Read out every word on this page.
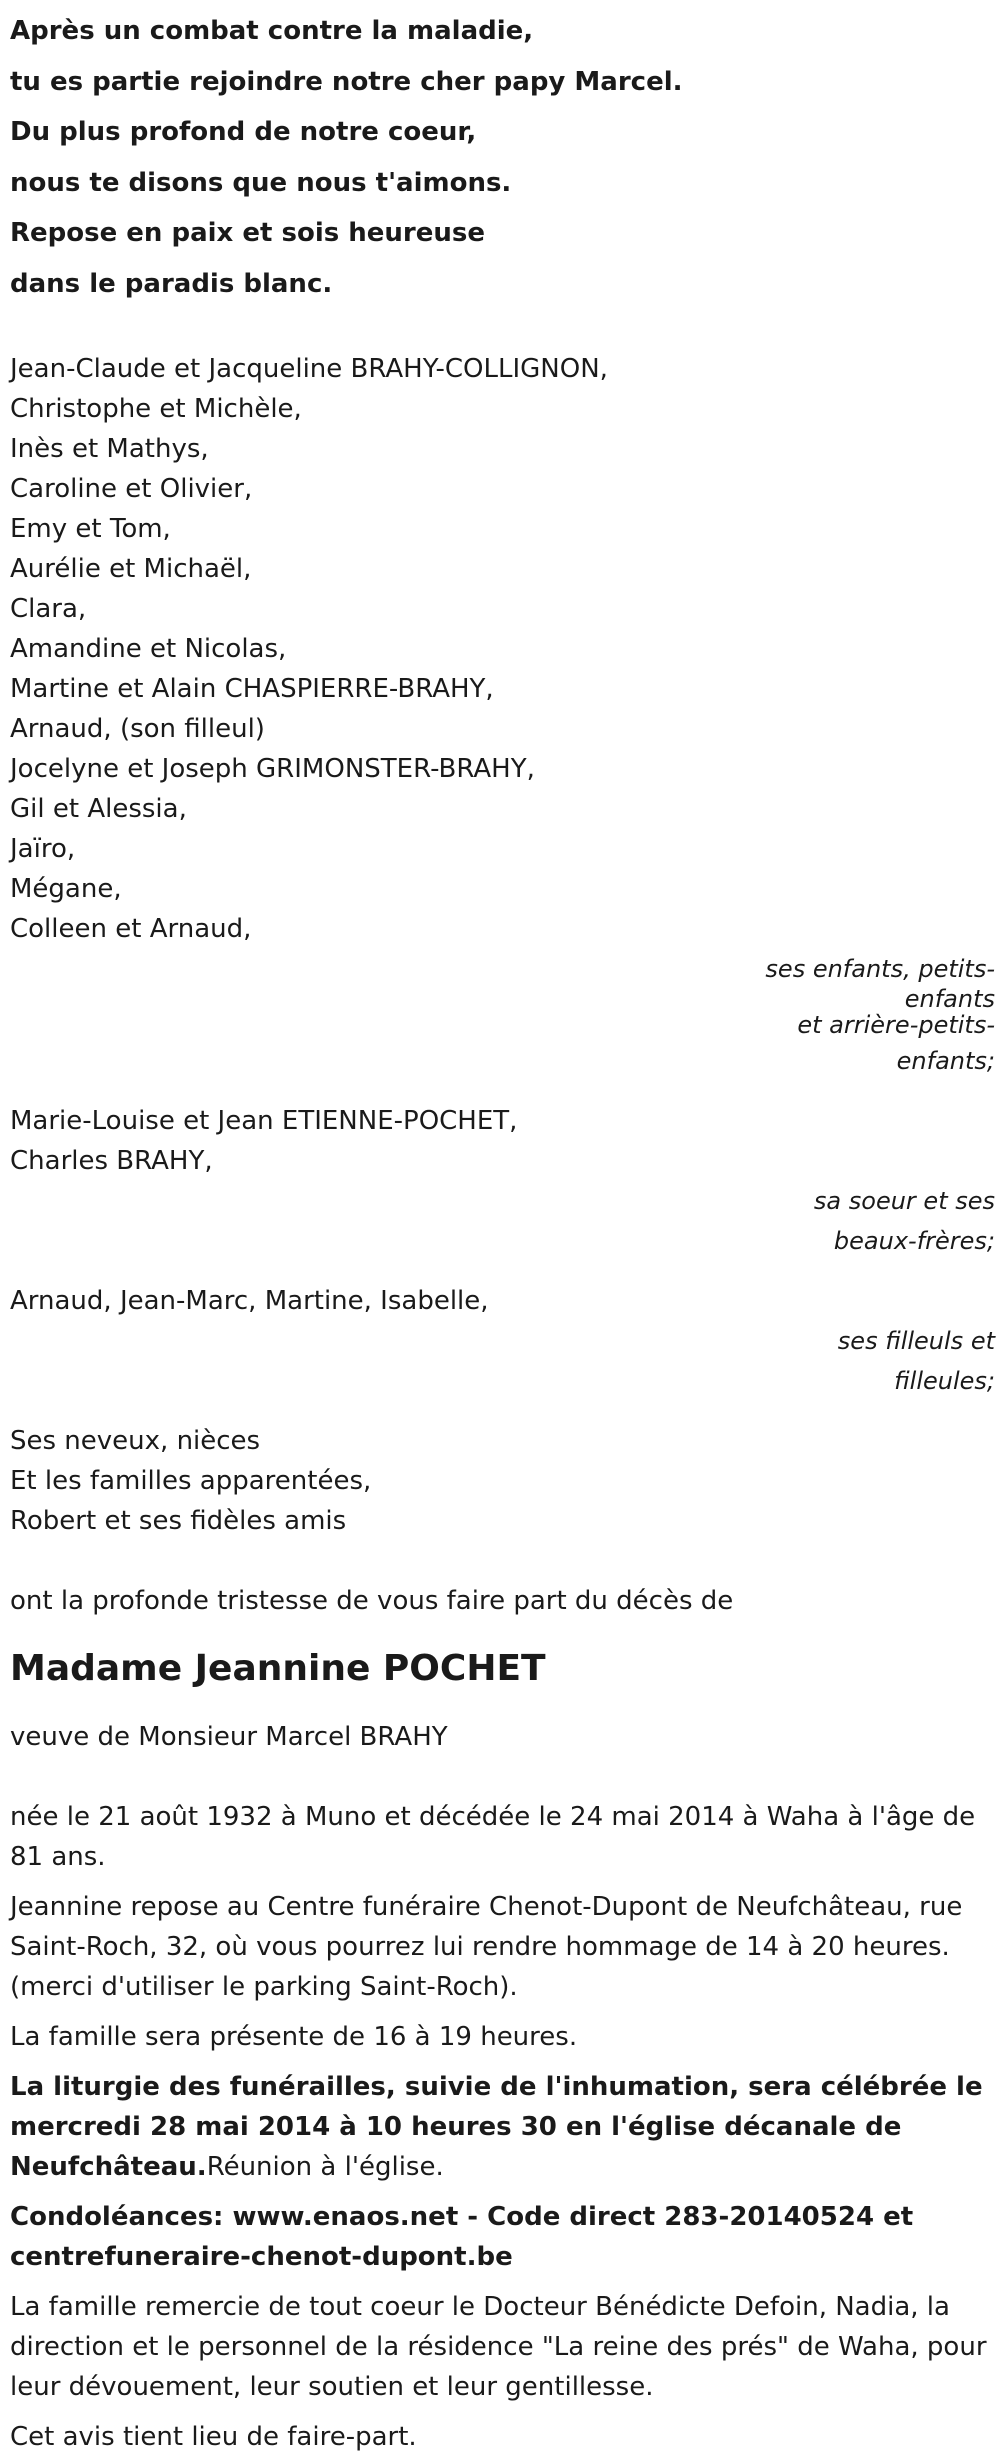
Après un combat contre la maladie,
tu es partie rejoindre notre cher papy Marcel.
Du plus profond de notre coeur,
nous te disons que nous t'aimons.
Repose en paix et sois heureuse
dans le paradis blanc.
Jean-Claude et Jacqueline BRAHY-COLLIGNON,
Christophe et Michèle,
Inès et Mathys,
Caroline et Olivier,
Emy et Tom,
Aurélie et Michaël,
Clara,
Amandine et Nicolas,
Martine et Alain CHASPIERRE-BRAHY,
Arnaud, (son filleul)
Jocelyne et Joseph GRIMONSTER-BRAHY,
Gil et Alessia,
Jaïro,
Mégane,
Colleen et Arnaud,
ses enfants, petits-
enfants
et arrière-petits-
enfants;
Marie-Louise et Jean ETIENNE-POCHET,
Charles BRAHY,
sa soeur et ses
beaux-frères;
Arnaud, Jean-Marc, Martine, Isabelle,
ses filleuls et
filleules;
Ses neveux, nièces
Et les familles apparentées,
Robert et ses fidèles amis
ont la profonde tristesse de vous faire part du décès de
Madame Jeannine POCHET
veuve de Monsieur Marcel BRAHY
née le 21 août 1932 à Muno et décédée le 24 mai 2014 à Waha à l'âge de 81 ans.
Jeannine repose au Centre funéraire Chenot-Dupont de Neufchâteau, rue Saint-Roch, 32, où vous pourrez lui rendre hommage de 14 à 20 heures. (merci d'utiliser le parking Saint-Roch).
La famille sera présente de 16 à 19 heures.
La liturgie des funérailles, suivie de l'inhumation, sera célébrée le mercredi 28 mai 2014 à 10 heures 30 en l'église décanale de Neufchâteau.Réunion à l'église.
Condoléances: www.enaos.net - Code direct 283-20140524 et centrefuneraire-chenot-dupont.be
La famille remercie de tout coeur le Docteur Bénédicte Defoin, Nadia, la direction et le personnel de la résidence "La reine des prés" de Waha, pour leur dévouement, leur soutien et leur gentillesse.
Cet avis tient lieu de faire-part.
